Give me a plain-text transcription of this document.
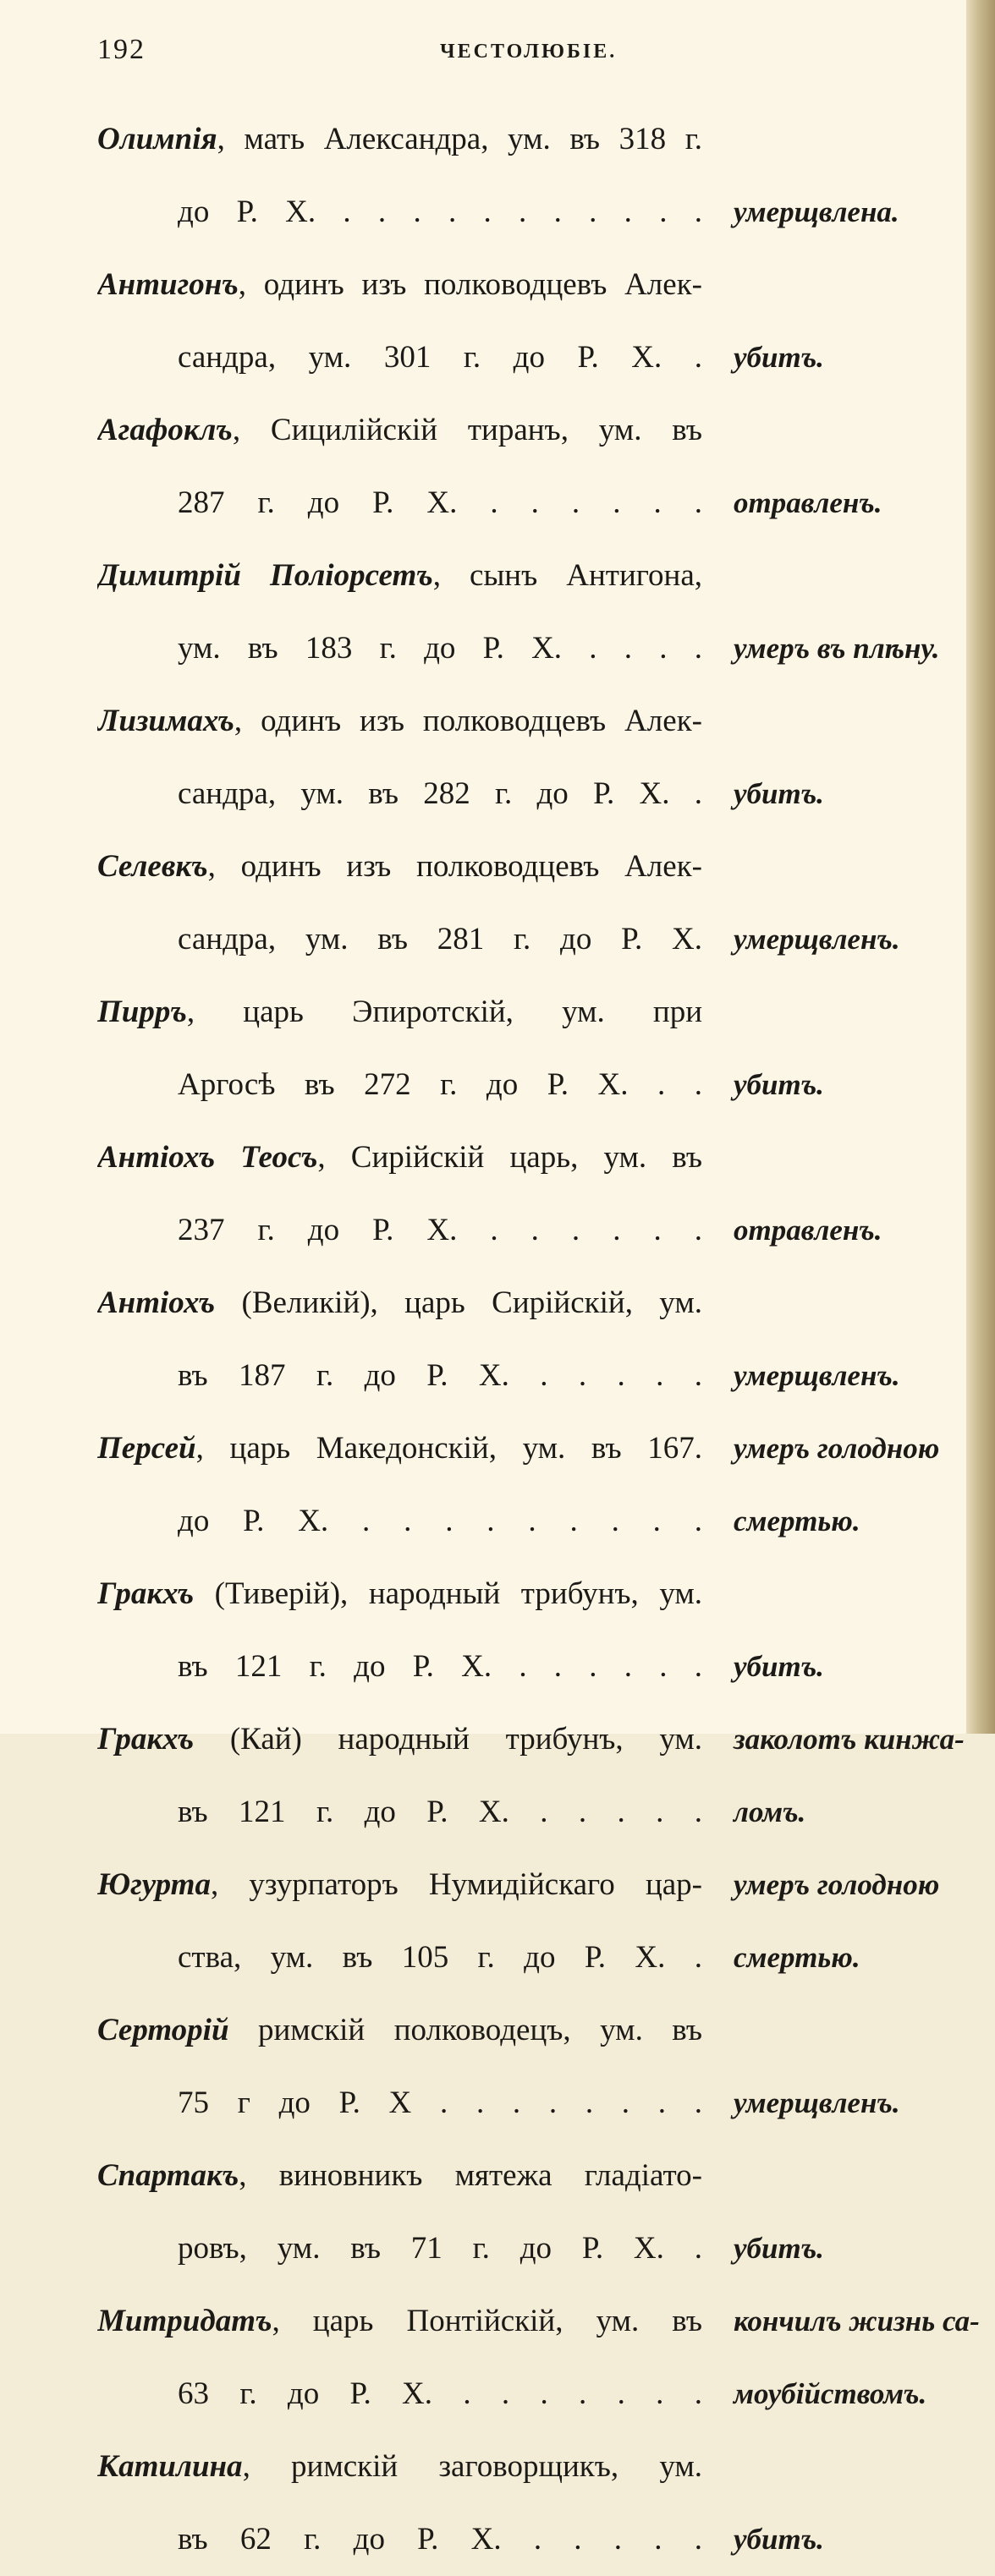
192	ЧЕСТОЛЮБІЕ.
Олимпія, мать Александра, ум. въ 318 г.
до Р. Х. . . . . . . . . . . . умерщвлена.
Антигонъ, одинъ изъ полководцевъ Алек-
сандра, ум. 301 г. до Р. Х. . убитъ.
Агафоклъ, Сицилійскій тиранъ, ум. въ
287 г. до Р. Х. . . . . . . отравленъ.
Димитрій Поліорсетъ, сынъ Антигона,
ум. въ 183 г. до Р. Х. . . . . умеръ въ плѣну.
Лизимахъ, одинъ изъ полководцевъ Алек-
сандра, ум. въ 282 г. до Р. Х. . убитъ.
Селевкъ, одинъ изъ полководцевъ Алек-
сандра, ум. въ 281 г. до Р. Х. умерщвленъ.
Пирръ, царь Эпиротскій, ум. при
Аргосѣ въ 272 г. до Р. Х. . . убитъ.
Антіохъ Теосъ, Сирійскій царь, ум. въ
237 г. до Р. Х. . . . . . . отравленъ.
Антіохъ (Великій), царь Сирійскій, ум.
въ 187 г. до Р. Х. . . . . . умерщвленъ.
Персей, царь Македонскій, ум. въ 167. умеръ голодною
до Р. Х. . . . . . . . . . смертью.
Гракхъ (Тиверій), народный трибунъ, ум.
въ 121 г. до Р. Х. . . . . . . убитъ.
Гракхъ (Кай) народный трибунъ, ум. заколотъ кинжа-
въ 121 г. до Р. Х. . . . . . ломъ.
Югурта, узурпаторъ Нумидійскаго цар- умеръ голодною
ства, ум. въ 105 г. до Р. Х. . смертью.
Серторій римскій полководецъ, ум. въ
75 г до Р. Х . . . . . . . . умерщвленъ.
Спартакъ, виновникъ мятежа гладіато-
ровъ, ум. въ 71 г. до Р. Х. . убитъ.
Митридатъ, царь Понтійскій, ум. въ кончилъ жизнь са-
63 г. до Р. Х. . . . . . . . моубійствомъ.
Катилина, римскій заговорщикъ, ум.
въ 62 г. до Р. Х. . . . . . убитъ.
